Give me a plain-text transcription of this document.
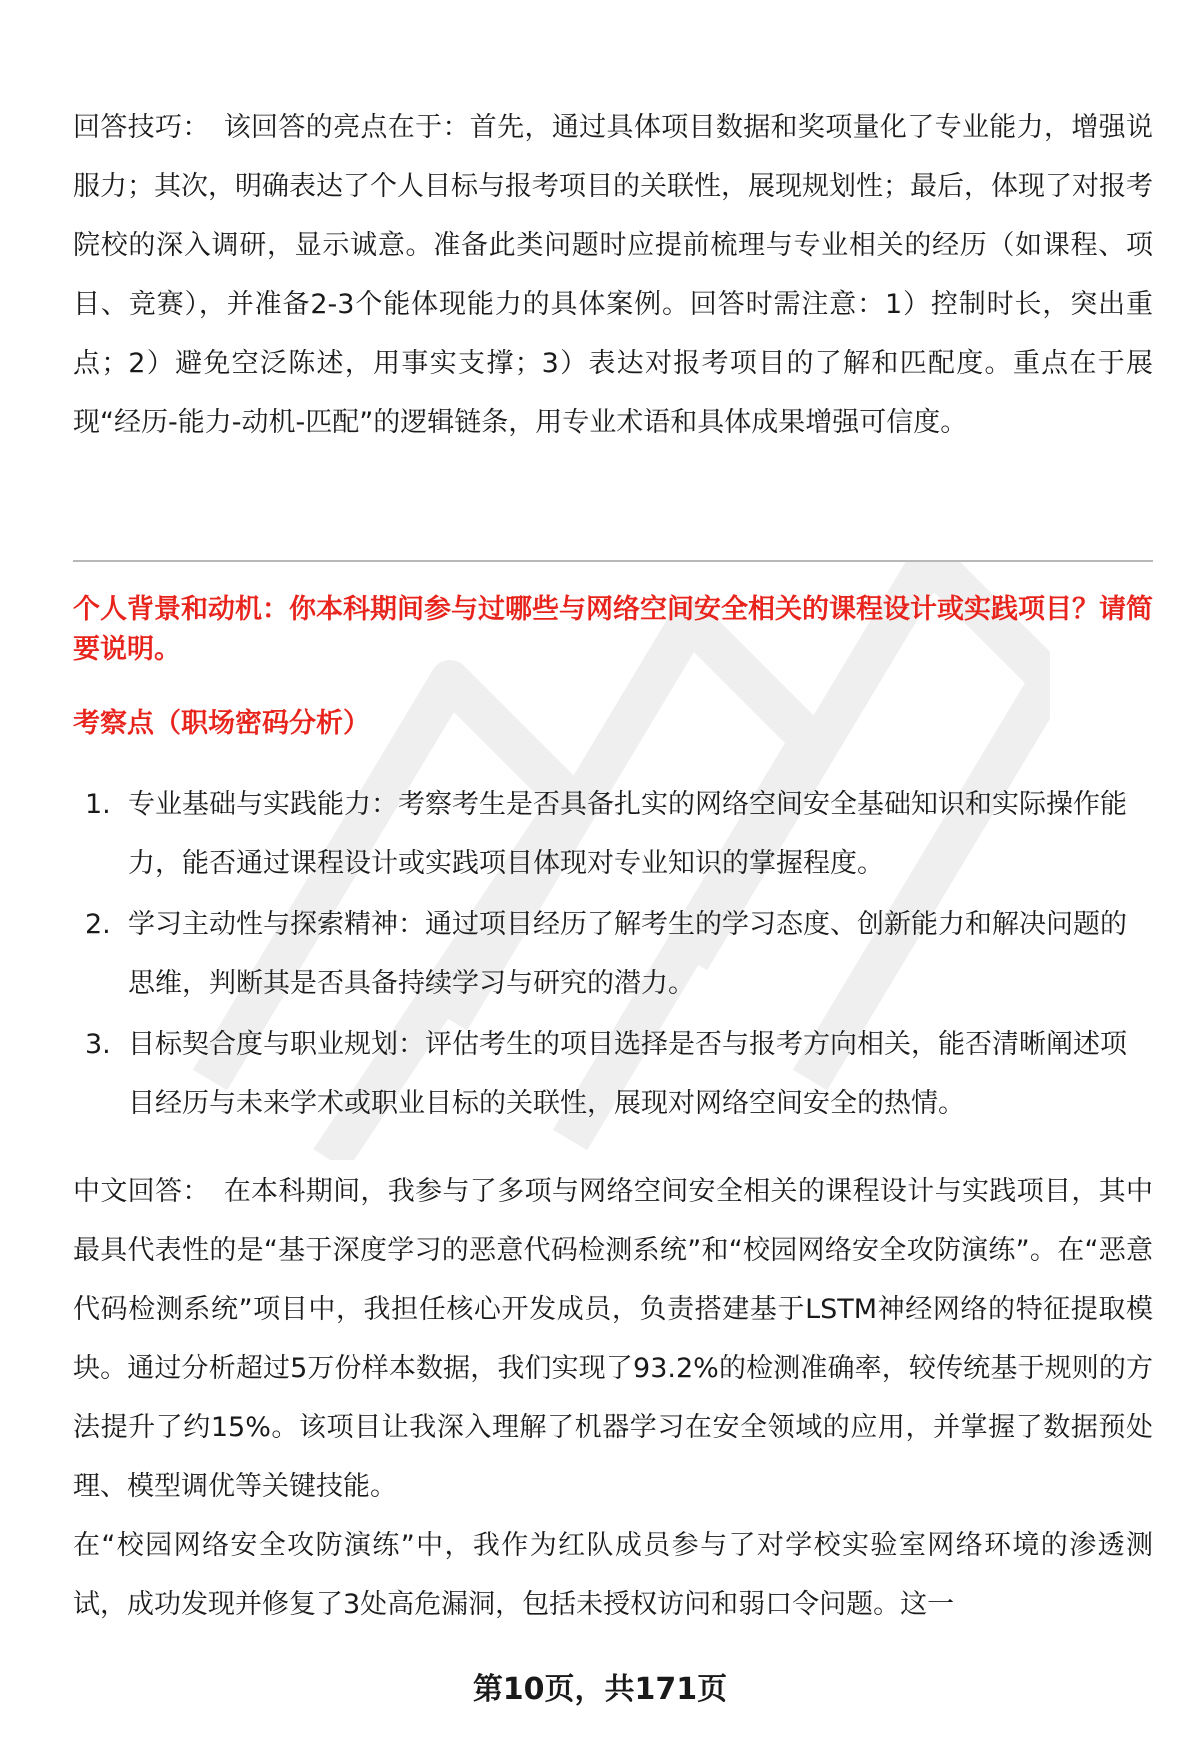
回答技巧： 该回答的亮点在于：首先，通过具体项目数据和奖项量化了专业能力，增强说服力；其次，明确表达了个人目标与报考项目的关联性，展现规划性；最后，体现了对报考院校的深入调研，显示诚意。准备此类问题时应提前梳理与专业相关的经历（如课程、项目、竞赛），并准备2-3个能体现能力的具体案例。回答时需注意：1）控制时长，突出重点；2）避免空泛陈述，用事实支撑；3）表达对报考项目的了解和匹配度。重点在于展现“经历-能力-动机-匹配”的逻辑链条，用专业术语和具体成果增强可信度。

个人背景和动机：你本科期间参与过哪些与网络空间安全相关的课程设计或实践项目？请简要说明。

考察点（职场密码分析）

1. 专业基础与实践能力：考察考生是否具备扎实的网络空间安全基础知识和实际操作能力，能否通过课程设计或实践项目体现对专业知识的掌握程度。
2. 学习主动性与探索精神：通过项目经历了解考生的学习态度、创新能力和解决问题的思维，判断其是否具备持续学习与研究的潜力。
3. 目标契合度与职业规划：评估考生的项目选择是否与报考方向相关，能否清晰阐述项目经历与未来学术或职业目标的关联性，展现对网络空间安全的热情。

中文回答： 在本科期间，我参与了多项与网络空间安全相关的课程设计与实践项目，其中最具代表性的是“基于深度学习的恶意代码检测系统”和“校园网络安全攻防演练”。在“恶意代码检测系统”项目中，我担任核心开发成员，负责搭建基于LSTM神经网络的特征提取模块。通过分析超过5万份样本数据，我们实现了93.2%的检测准确率，较传统基于规则的方法提升了约15%。该项目让我深入理解了机器学习在安全领域的应用，并掌握了数据预处理、模型调优等关键技能。

在“校园网络安全攻防演练”中，我作为红队成员参与了对学校实验室网络环境的渗透测试，成功发现并修复了3处高危漏洞，包括未授权访问和弱口令问题。这一

第10页，共171页
